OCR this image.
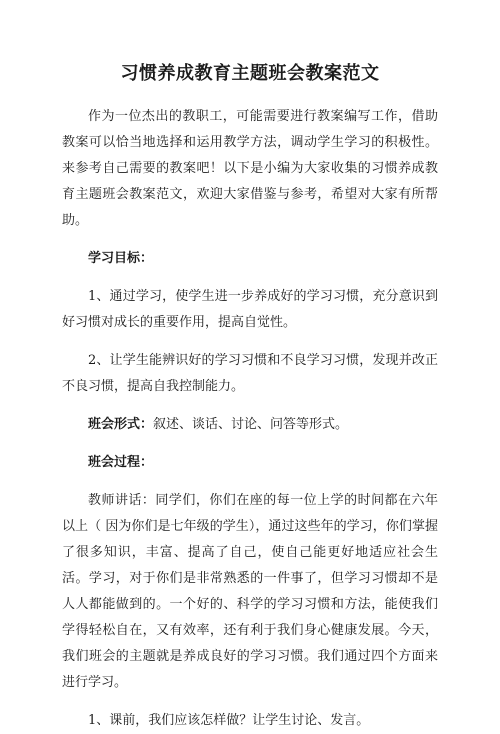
习惯养成教育主题班会教案范文

作为一位杰出的教职工，可能需要进行教案编写工作，借助教案可以恰当地选择和运用教学方法，调动学生学习的积极性。来参考自己需要的教案吧！以下是小编为大家收集的习惯养成教育主题班会教案范文，欢迎大家借鉴与参考，希望对大家有所帮助。

学习目标：

1、通过学习，使学生进一步养成好的学习习惯，充分意识到好习惯对成长的重要作用，提高自觉性。

2、让学生能辨识好的学习习惯和不良学习习惯，发现并改正不良习惯，提高自我控制能力。

班会形式：叙述、谈话、讨论、问答等形式。

班会过程：

教师讲话：同学们，你们在座的每一位上学的时间都在六年以上（ 因为你们是七年级的学生），通过这些年的学习，你们掌握了很多知识，丰富、提高了自己，使自己能更好地适应社会生活。学习，对于你们是非常熟悉的一件事了，但学习习惯却不是人人都能做到的。一个好的、科学的学习习惯和方法，能使我们学得轻松自在，又有效率，还有利于我们身心健康发展。今天，我们班会的主题就是养成良好的学习习惯。我们通过四个方面来进行学习。

1、课前，我们应该怎样做？让学生讨论、发言。
